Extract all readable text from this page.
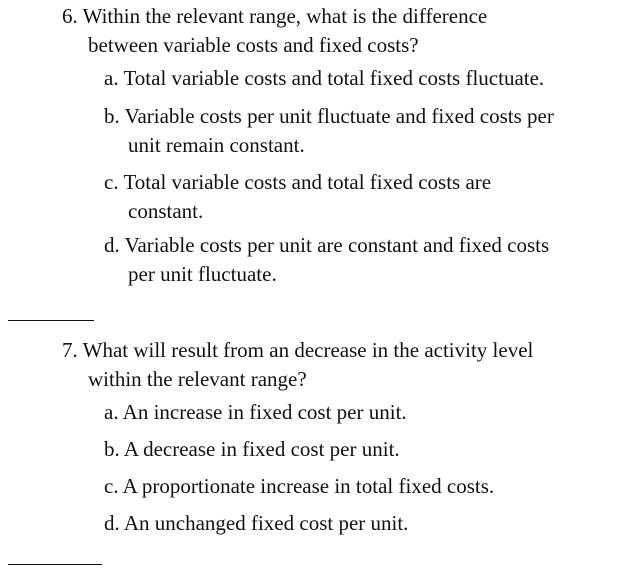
6. Within the relevant range, what is the difference
between variable costs and fixed costs?
a. Total variable costs and total fixed costs fluctuate.
b. Variable costs per unit fluctuate and fixed costs per
unit remain constant.
c. Total variable costs and total fixed costs are
constant.
d. Variable costs per unit are constant and fixed costs
per unit fluctuate.
7. What will result from an decrease in the activity level
within the relevant range?
a. An increase in fixed cost per unit.
b. A decrease in fixed cost per unit.
c. A proportionate increase in total fixed costs.
d. An unchanged fixed cost per unit.
